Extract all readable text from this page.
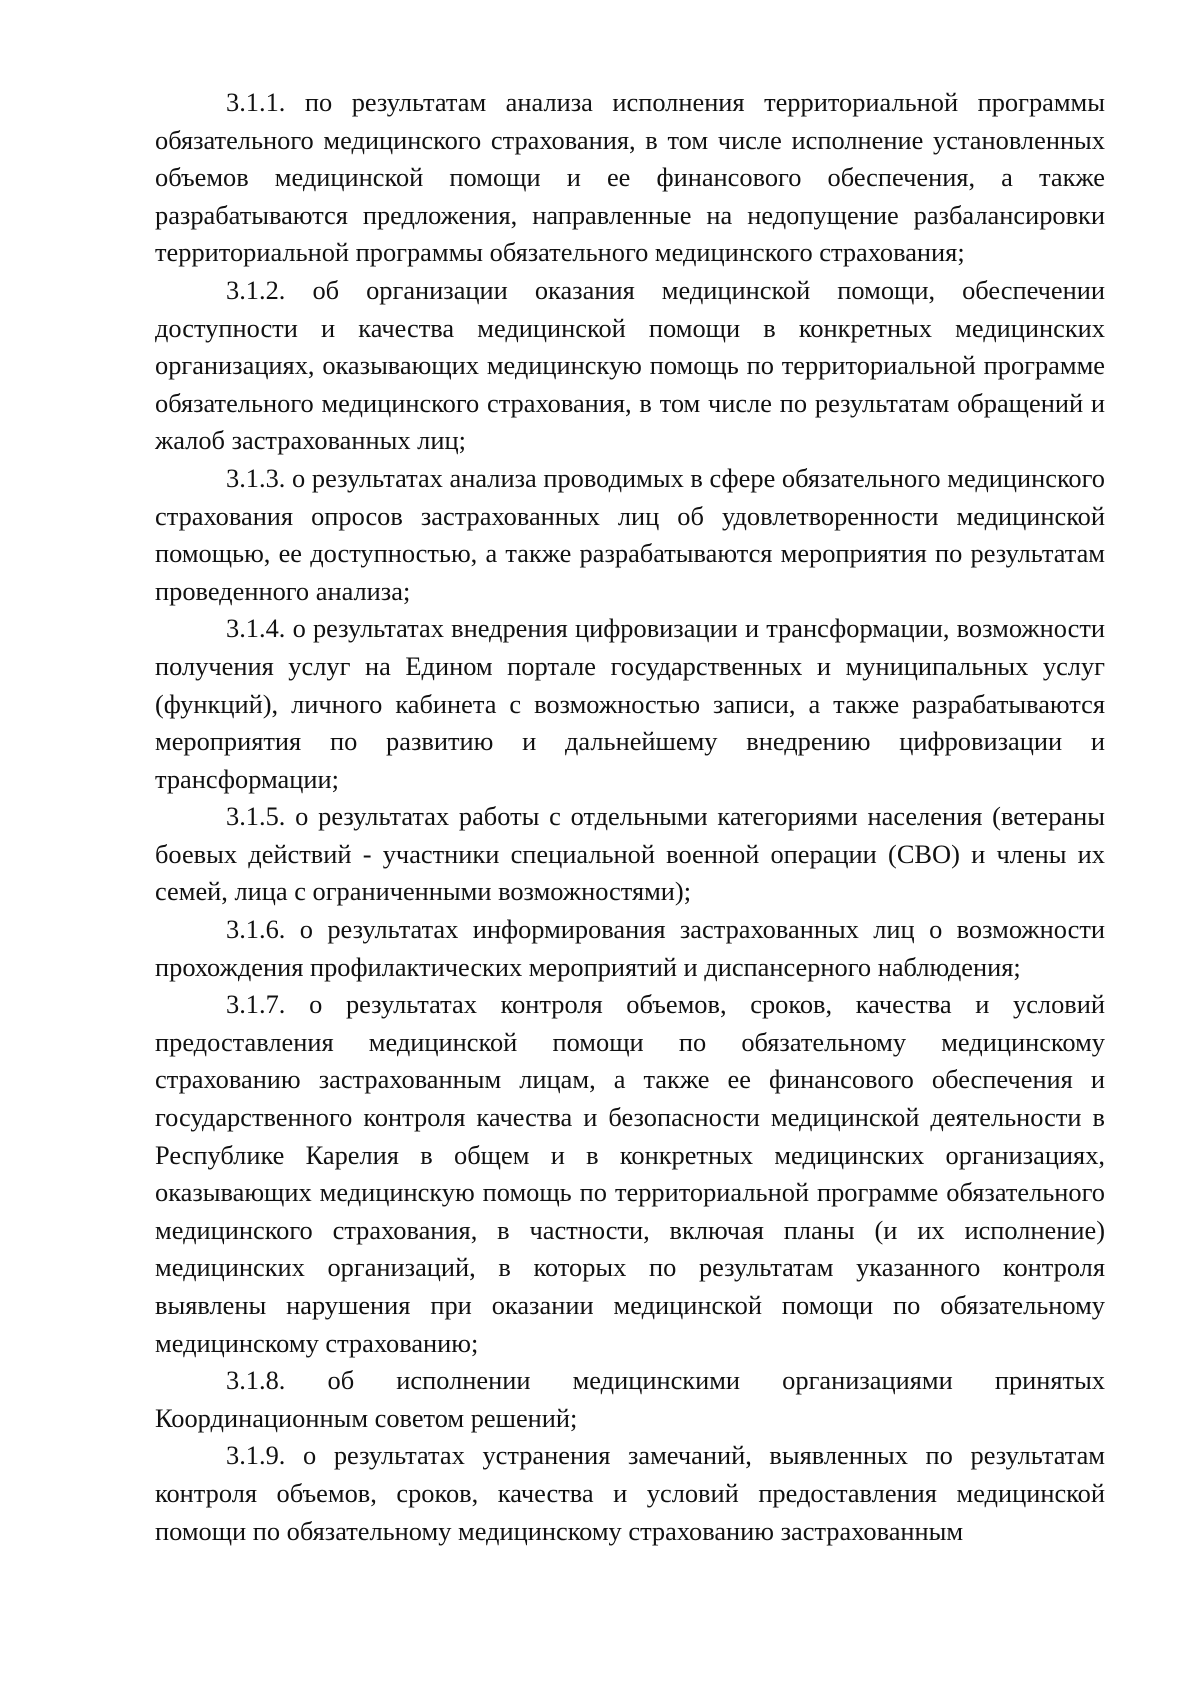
3.1.1. по результатам анализа исполнения территориальной программы обязательного медицинского страхования, в том числе исполнение установленных объемов медицинской помощи и ее финансового обеспечения, а также разрабатываются предложения, направленные на недопущение разбалансировки территориальной программы обязательного медицинского страхования;

3.1.2. об организации оказания медицинской помощи, обеспечении доступности и качества медицинской помощи в конкретных медицинских организациях, оказывающих медицинскую помощь по территориальной программе обязательного медицинского страхования, в том числе по результатам обращений и жалоб застрахованных лиц;

3.1.3. о результатах анализа проводимых в сфере обязательного медицинского страхования опросов застрахованных лиц об удовлетворенности медицинской помощью, ее доступностью, а также разрабатываются мероприятия по результатам проведенного анализа;

3.1.4. о результатах внедрения цифровизации и трансформации, возможности получения услуг на Едином портале государственных и муниципальных услуг (функций), личного кабинета с возможностью записи, а также разрабатываются мероприятия по развитию и дальнейшему внедрению цифровизации и трансформации;

3.1.5. о результатах работы с отдельными категориями населения (ветераны боевых действий - участники специальной военной операции (СВО) и члены их семей, лица с ограниченными возможностями);

3.1.6. о результатах информирования застрахованных лиц о возможности прохождения профилактических мероприятий и диспансерного наблюдения;

3.1.7. о результатах контроля объемов, сроков, качества и условий предоставления медицинской помощи по обязательному медицинскому страхованию застрахованным лицам, а также ее финансового обеспечения и государственного контроля качества и безопасности медицинской деятельности в Республике Карелия в общем и в конкретных медицинских организациях, оказывающих медицинскую помощь по территориальной программе обязательного медицинского страхования, в частности, включая планы (и их исполнение) медицинских организаций, в которых по результатам указанного контроля выявлены нарушения при оказании медицинской помощи по обязательному медицинскому страхованию;

3.1.8. об исполнении медицинскими организациями принятых Координационным советом решений;

3.1.9. о результатах устранения замечаний, выявленных по результатам контроля объемов, сроков, качества и условий предоставления медицинской помощи по обязательному медицинскому страхованию застрахованным
